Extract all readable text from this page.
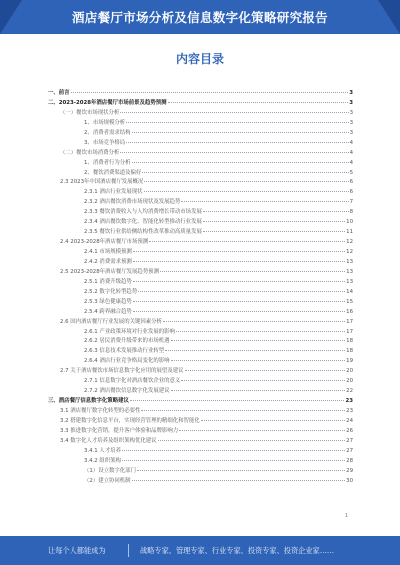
酒店餐厅市场分析及信息数字化策略研究报告
内容目录
一、前言	3
二、2023-2028年酒店餐厅市场前景及趋势预测	3
（一）餐饮市场现状分析	3
1、市场规模分析	3
2、消费者需求结构	3
3、市场竞争格局	4
（二）餐饮市场消费分析	4
1、消费者行为分析	4
2、餐饮消费渠道及偏好	5
2.3 2023年中国酒店餐厅发展概况	6
2.3.1 酒店行业发展现状	6
2.3.2 酒店餐饮消费市场现状及发展趋势	7
2.3.3 餐饮消费收入与人均消费增长带动市场发展	8
2.3.4 酒店餐饮数字化、智能化转型推动行业发展	10
2.3.5 餐饮行业供给侧结构性改革推动高质量发展	11
2.4 2023-2028年酒店餐厅市场预测	12
2.4.1 市场规模预测	12
2.4.2 消费需求预测	13
2.5 2023-2028年酒店餐厅发展趋势预测	13
2.5.1 消费升级趋势	13
2.5.2 数字化转型趋势	14
2.5.3 绿色健康趋势	15
2.5.4 跨界融合趋势	16
2.6 国内酒店餐厅行业发展的关键因素分析	17
2.6.1 产业政策环境对行业发展的影响	17
2.6.2 居民消费升级带来的市场机遇	18
2.6.3 信息技术发展推动行业转型	18
2.6.4 酒店行业竞争格局变化的影响	19
2.7 关于酒店餐饮市场信息数字化应用的展望及建议	20
2.7.1 信息数字化对酒店餐饮企业的意义	20
2.7.2 酒店餐饮信息数字化发展建议	22
三、酒店餐厅信息数字化策略建议	23
3.1 酒店餐厅数字化转型的必要性	23
3.2 搭建数字化信息平台，实现经营管理的精细化和智能化	24
3.3 推进数字化营销，提升客户体验和品牌影响力	26
3.4 数字化人才培养及组织架构优化建议	27
3.4.1 人才培养	27
3.4.2 组织架构	28
（1）设立数字化部门	29
（2）建立协同机制	30
1
让每个人都能成为	战略专家、管理专家、行业专家、投资专家、投资企业家……
